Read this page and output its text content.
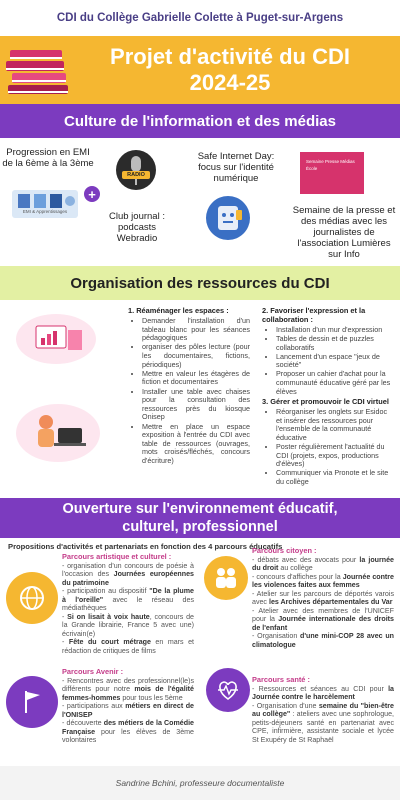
CDI du Collège Gabrielle Colette à Puget-sur-Argens
Projet d'activité du CDI
2024-25
Culture de l'information et des médias
Progression en EMI de la 6ème à la 3ème
EMI & Apprentissages
+
RADIO
Club journal : podcasts Webradio
Safe Internet Day: focus sur l'identité numérique
Semaine Presse Médias École
Semaine de la presse et des médias avec les journalistes de l'association Lumières sur Info
Organisation des ressources du CDI
1. Réaménager les espaces :
• Demander l'installation d'un tableau blanc pour les séances pédagogiques
• organiser des pôles lecture (pour les documentaires, fictions, périodiques)
• Mettre en valeur les étagères de fiction et documentaires
• Installer une table avec chaises pour la consultation des ressources près du kiosque Onisep
• Mettre en place un espace exposition à l'entrée du CDI avec table de ressources (ouvrages, mots croisés/fléchés, concours d'écriture)
2. Favoriser l'expression et la collaboration :
• Installation d'un mur d'expression
• Tables de dessin et de puzzles collaboratifs
• Lancement d'un espace "jeux de société"
• Proposer un cahier d'achat pour la communauté éducative géré par les élèves
3. Gérer et promouvoir le CDI virtuel
• Réorganiser les onglets sur Esidoc et insérer des ressources pour l'ensemble de la communauté éducative
• Poster régulièrement l'actualité du CDI (projets, expos, productions d'élèves)
• Communiquer via Pronote et le site du collège
Ouverture sur l'environnement éducatif,
culturel, professionnel
Propositions d'activités et partenariats en fonction des 4 parcours éducatifs
Parcours artistique et culturel :
- organisation d'un concours de poésie à l'occasion des Journées européennes du patrimoine
- participation au dispositif "De la plume à l'oreille" avec le réseau des médiathèques
- Si on lisait à voix haute, concours de la Grande librairie, France 5 avec une) écrivain(e)
- Fête du court métrage en mars et rédaction de critiques de films
Parcours citoyen :
- débats avec des avocats pour la journée du droit au collège
- concours d'affiches pour la Journée contre les violences faites aux femmes
- Atelier sur les parcours de déportés varois avec les Archives départementales du Var
- Atelier avec des membres de l'UNICEF pour la Journée internationale des droits de l'enfant
- Organisation d'une mini-COP 28 avec un climatologue
Parcours Avenir :
- Rencontres avec des professionnel(le)s différents pour notre mois de l'égalité femmes-hommes pour tous les 5ème
- participations aux métiers en direct de l'ONISEP
- découverte des métiers de la Comédie Française pour les élèves de 3ème volontaires
Parcours santé :
- Ressources et séances au CDI pour la Journée contre le harcèlement
- Organisation d'une semaine du "bien-être au collège" : ateliers avec une sophrologue, petits-déjeuners santé en partenariat avec CPE, infirmière, assistante sociale et lycée St Exupéry de St Raphaël
Sandrine Bchini, professeure documentaliste
